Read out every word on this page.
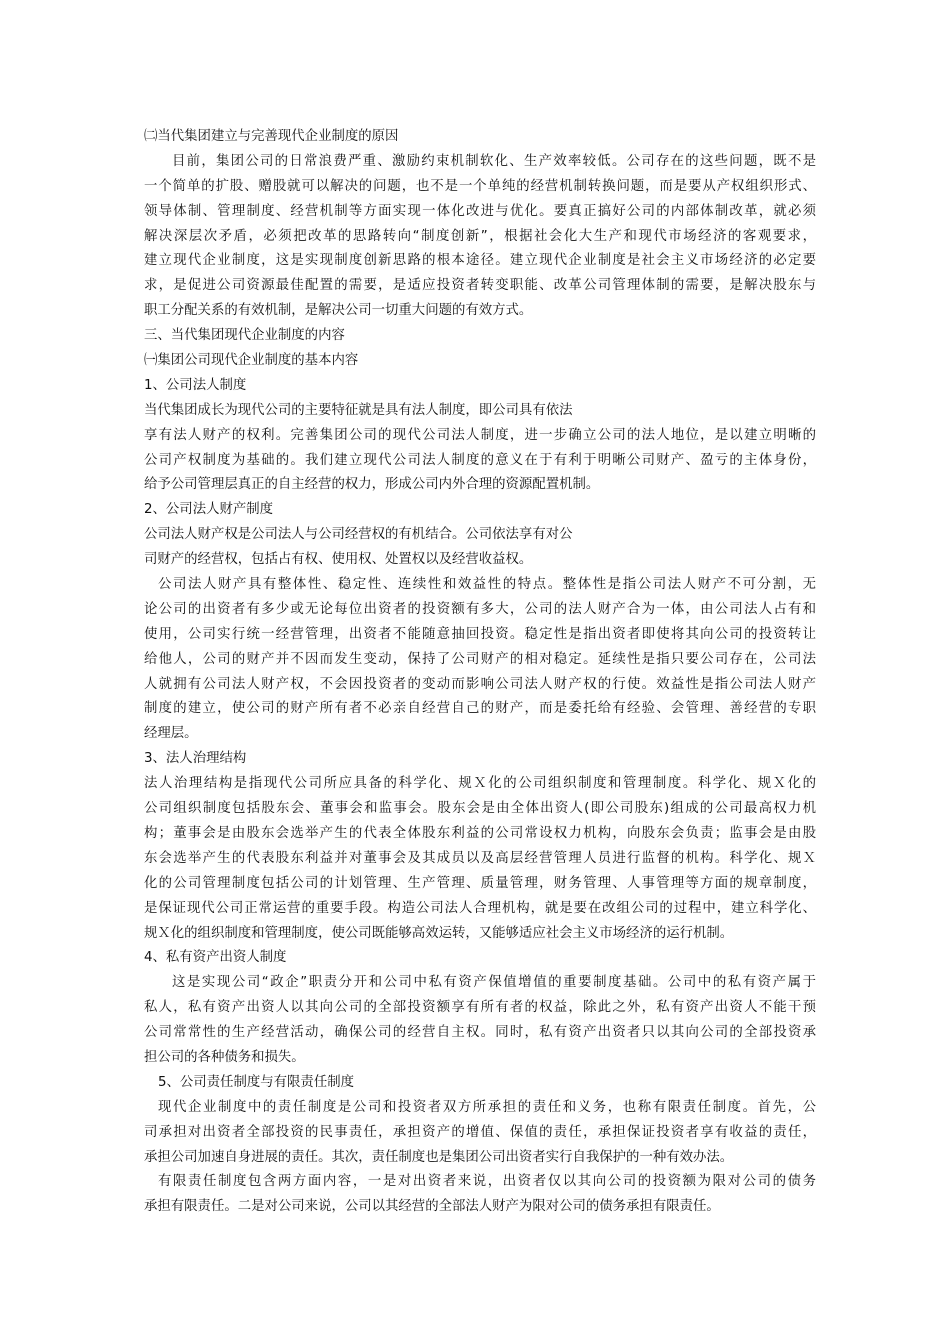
㈡当代集团建立与完善现代企业制度的原因
目前，集团公司的日常浪费严重、激励约束机制软化、生产效率较低。公司存在的这些问题，既不是
一个简单的扩股、赠股就可以解决的问题，也不是一个单纯的经营机制转换问题，而是要从产权组织形式、
领导体制、管理制度、经营机制等方面实现一体化改进与优化。要真正搞好公司的内部体制改革，就必须
解决深层次矛盾，必须把改革的思路转向“制度创新”，根据社会化大生产和现代市场经济的客观要求，
建立现代企业制度，这是实现制度创新思路的根本途径。建立现代企业制度是社会主义市场经济的必定要
求，是促进公司资源最佳配置的需要，是适应投资者转变职能、改革公司管理体制的需要，是解决股东与
职工分配关系的有效机制，是解决公司一切重大问题的有效方式。
三、当代集团现代企业制度的内容
㈠集团公司现代企业制度的基本内容
1、公司法人制度
当代集团成长为现代公司的主要特征就是具有法人制度，即公司具有依法
享有法人财产的权利。完善集团公司的现代公司法人制度，进一步确立公司的法人地位，是以建立明晰的
公司产权制度为基础的。我们建立现代公司法人制度的意义在于有利于明晰公司财产、盈亏的主体身份，
给予公司管理层真正的自主经营的权力，形成公司内外合理的资源配置机制。
2、公司法人财产制度
公司法人财产权是公司法人与公司经营权的有机结合。公司依法享有对公
司财产的经营权，包括占有权、使用权、处置权以及经营收益权。
公司法人财产具有整体性、稳定性、连续性和效益性的特点。整体性是指公司法人财产不可分割，无
论公司的出资者有多少或无论每位出资者的投资额有多大，公司的法人财产合为一体，由公司法人占有和
使用，公司实行统一经营管理，出资者不能随意抽回投资。稳定性是指出资者即使将其向公司的投资转让
给他人，公司的财产并不因而发生变动，保持了公司财产的相对稳定。延续性是指只要公司存在，公司法
人就拥有公司法人财产权，不会因投资者的变动而影响公司法人财产权的行使。效益性是指公司法人财产
制度的建立，使公司的财产所有者不必亲自经营自己的财产，而是委托给有经验、会管理、善经营的专职
经理层。
3、法人治理结构
法人治理结构是指现代公司所应具备的科学化、规Ｘ化的公司组织制度和管理制度。科学化、规Ｘ化的
公司组织制度包括股东会、董事会和监事会。股东会是由全体出资人(即公司股东)组成的公司最高权力机
构；董事会是由股东会选举产生的代表全体股东利益的公司常设权力机构，向股东会负责；监事会是由股
东会选举产生的代表股东利益并对董事会及其成员以及高层经营管理人员进行监督的机构。科学化、规Ｘ
化的公司管理制度包括公司的计划管理、生产管理、质量管理，财务管理、人事管理等方面的规章制度，
是保证现代公司正常运营的重要手段。构造公司法人合理机构，就是要在改组公司的过程中，建立科学化、
规Ｘ化的组织制度和管理制度，使公司既能够高效运转，又能够适应社会主义市场经济的运行机制。
4、私有资产出资人制度
这是实现公司“政企”职责分开和公司中私有资产保值增值的重要制度基础。公司中的私有资产属于
私人，私有资产出资人以其向公司的全部投资额享有所有者的权益，除此之外，私有资产出资人不能干预
公司常常性的生产经营活动，确保公司的经营自主权。同时，私有资产出资者只以其向公司的全部投资承
担公司的各种债务和损失。
5、公司责任制度与有限责任制度
现代企业制度中的责任制度是公司和投资者双方所承担的责任和义务，也称有限责任制度。首先，公
司承担对出资者全部投资的民事责任，承担资产的增值、保值的责任，承担保证投资者享有收益的责任，
承担公司加速自身进展的责任。其次，责任制度也是集团公司出资者实行自我保护的一种有效办法。
有限责任制度包含两方面内容，一是对出资者来说，出资者仅以其向公司的投资额为限对公司的债务
承担有限责任。二是对公司来说，公司以其经营的全部法人财产为限对公司的债务承担有限责任。
